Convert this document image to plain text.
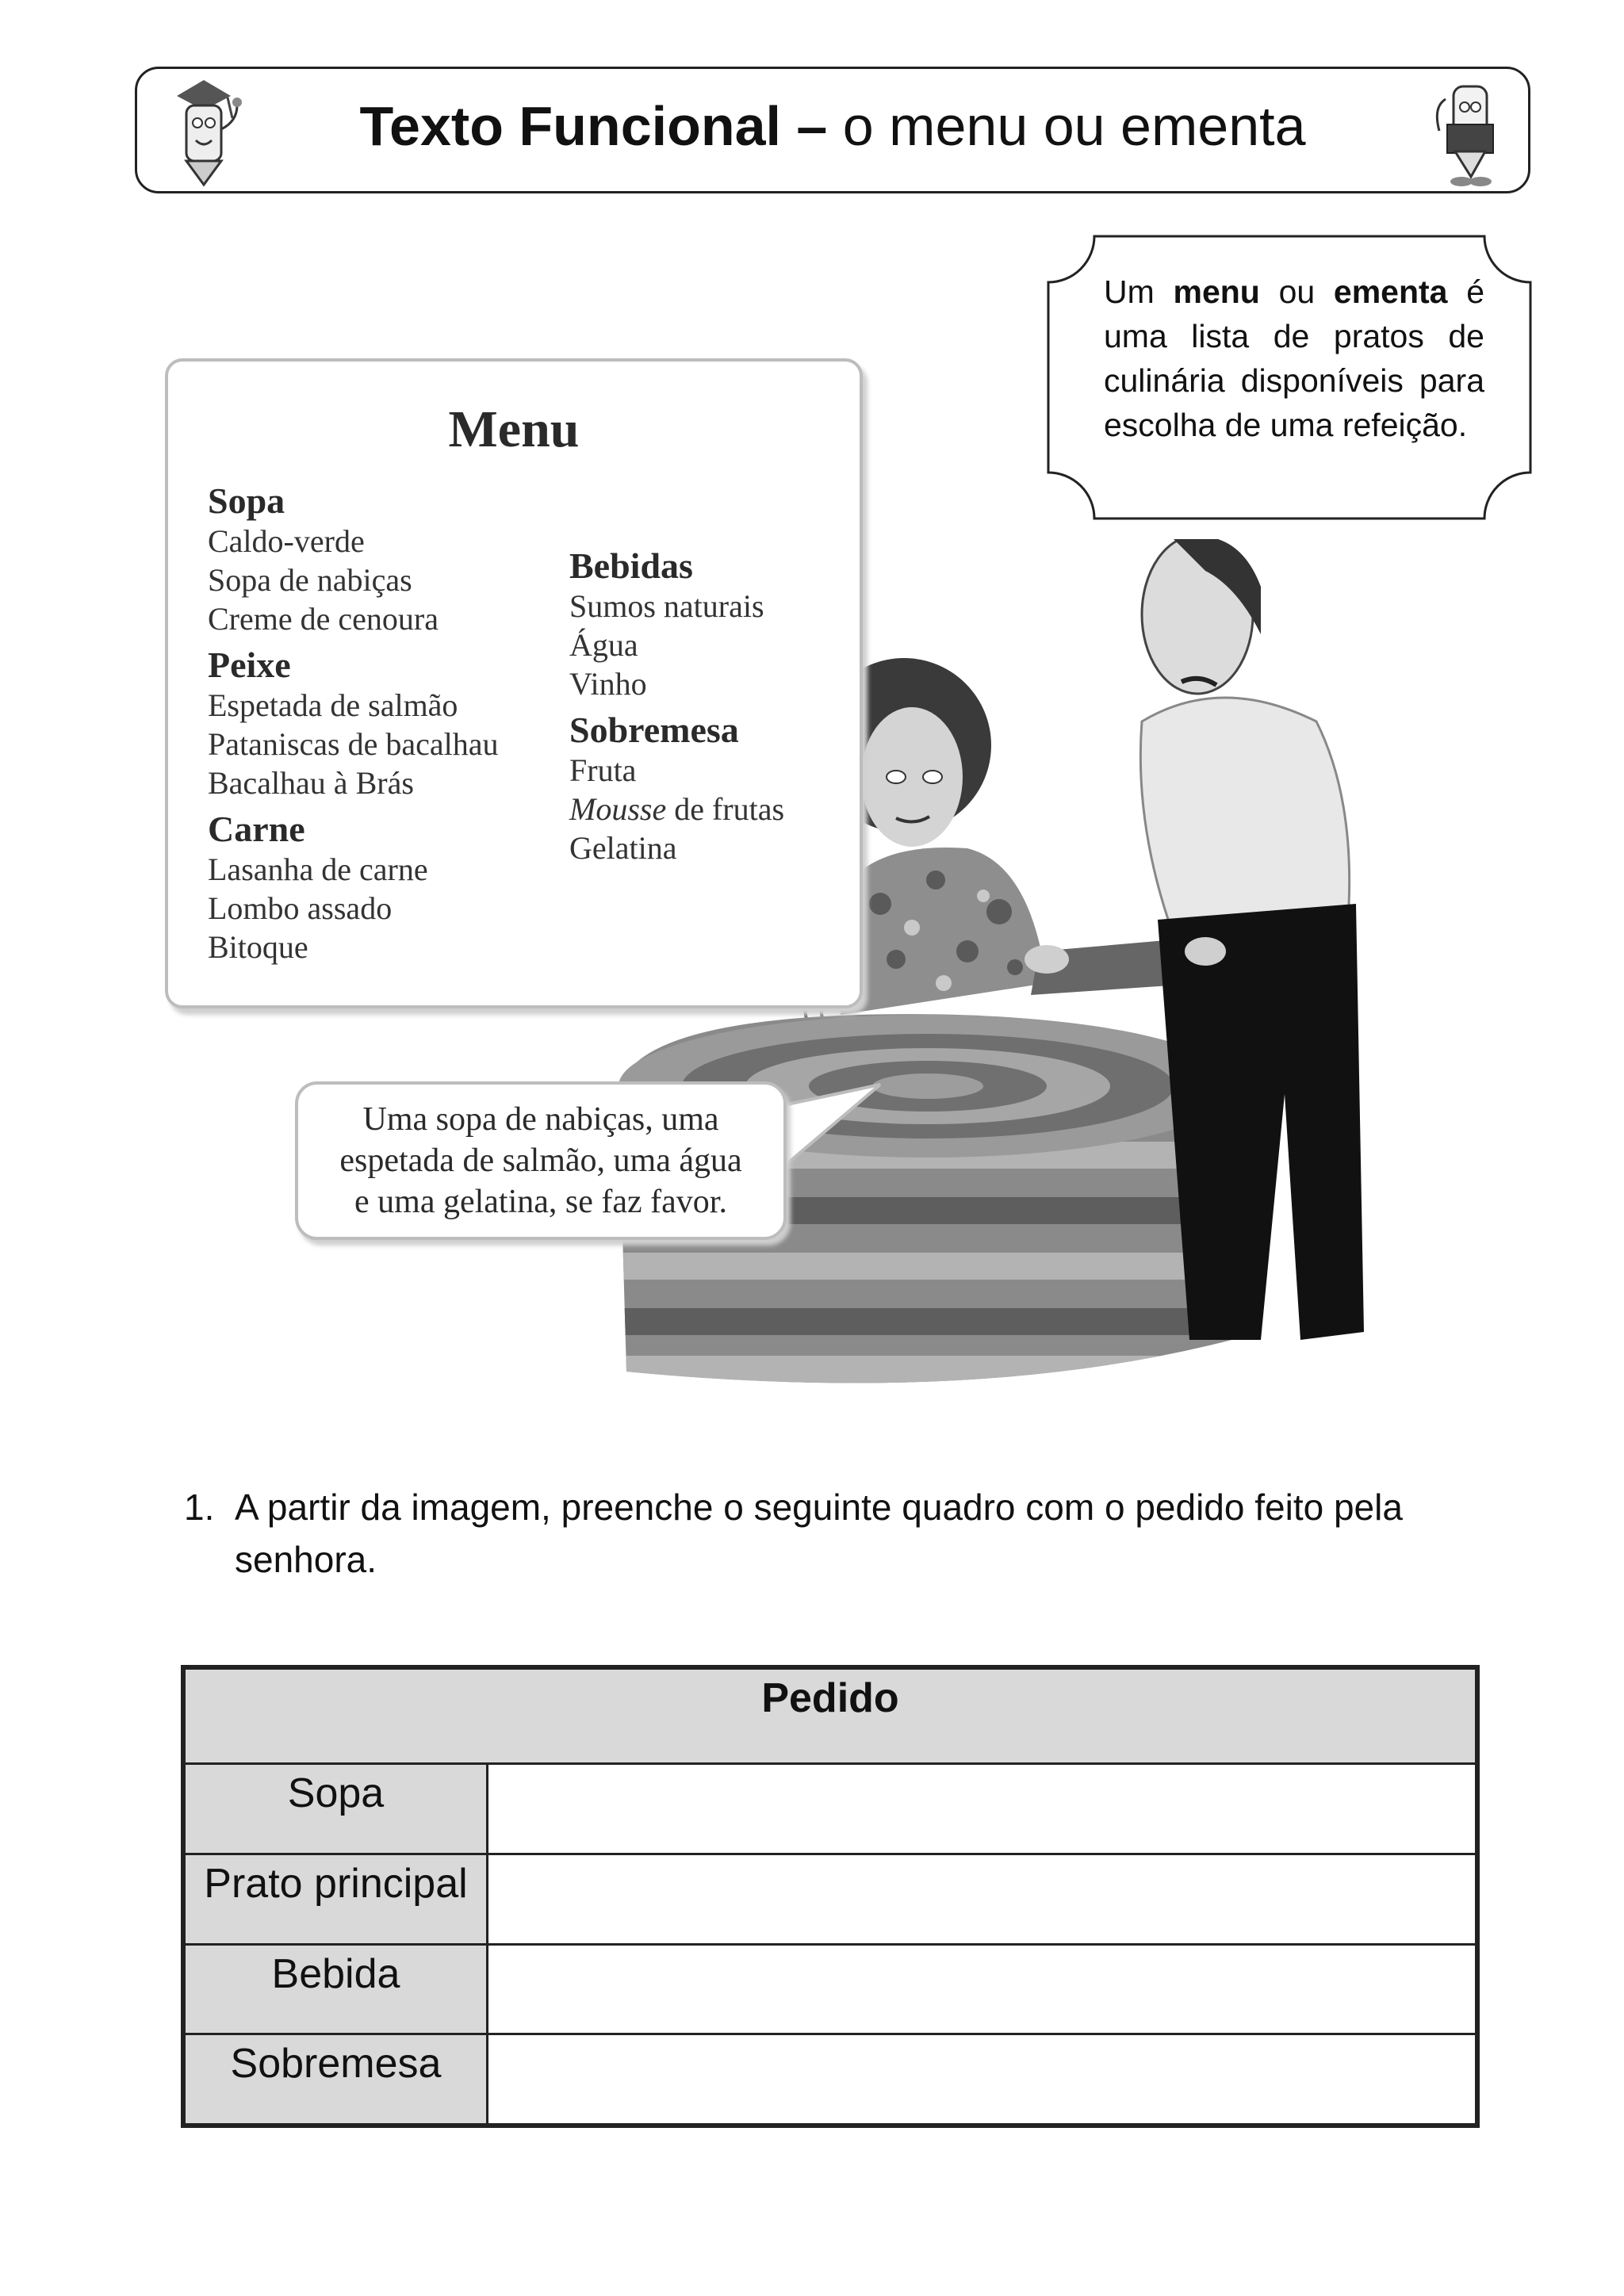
Texto Funcional – o menu ou ementa
Um menu ou ementa é uma lista de pratos de culinária disponíveis para escolha de uma refeição.
Menu
Sopa
Caldo-verde
Sopa de nabiças
Creme de cenoura
Peixe
Espetada de salmão
Pataniscas de bacalhau
Bacalhau à Brás
Carne
Lasanha de carne
Lombo assado
Bitoque
Bebidas
Sumos naturais
Água
Vinho
Sobremesa
Fruta
Mousse de frutas
Gelatina
Uma sopa de nabiças, uma
espetada de salmão, uma água
e uma gelatina, se faz favor.
1. A partir da imagem, preenche o seguinte quadro com o pedido feito pela senhora.
Pedido	
Sopa	
Prato principal	
Bebida	
Sobremesa	
